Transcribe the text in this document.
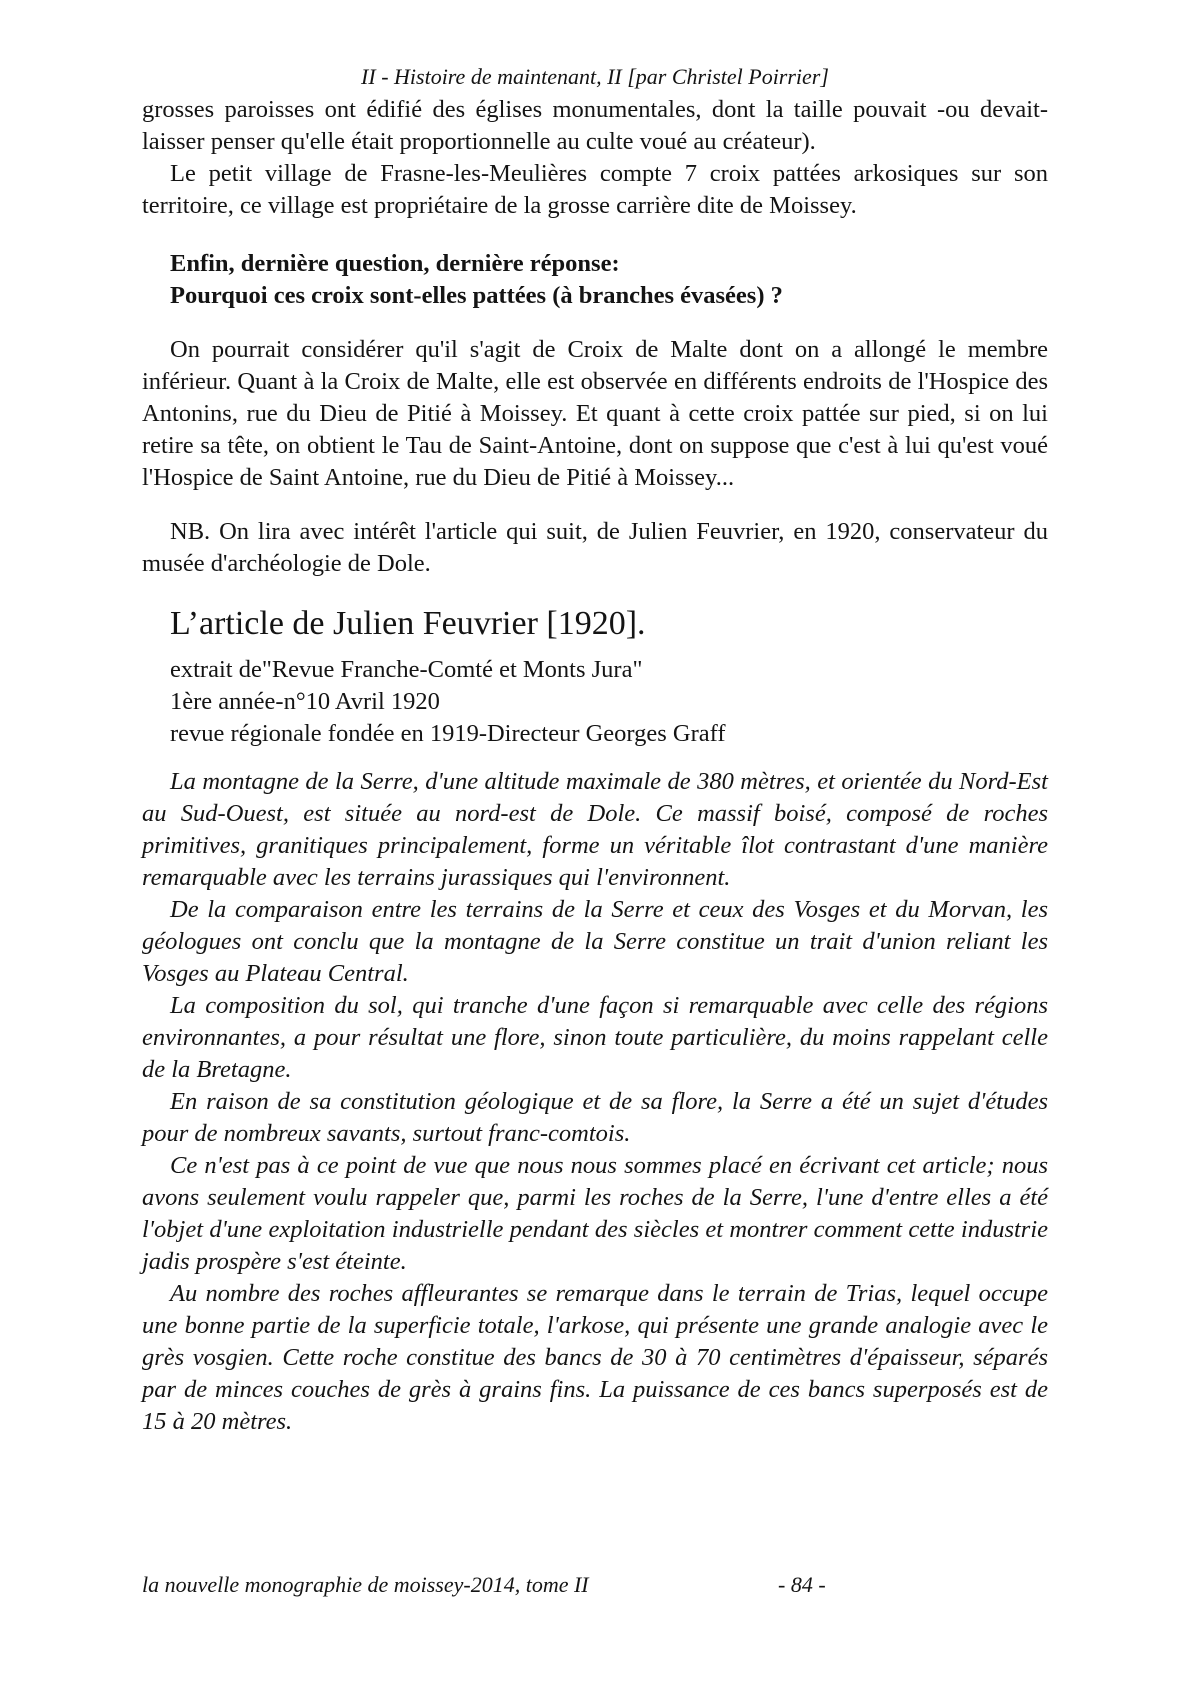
II - Histoire de maintenant, II [par Christel Poirrier]

grosses paroisses ont édifié des églises monumentales, dont la taille pouvait -ou devait-laisser penser qu'elle était proportionnelle au culte voué au créateur).

Le petit village de Frasne-les-Meulières compte 7 croix pattées arkosiques sur son territoire, ce village est propriétaire de la grosse carrière dite de Moissey.

Enfin, dernière question, dernière réponse:
Pourquoi ces croix sont-elles pattées (à branches évasées) ?

On pourrait considérer qu'il s'agit de Croix de Malte dont on a allongé le membre inférieur. Quant à la Croix de Malte, elle est observée en différents endroits de l'Hospice des Antonins, rue du Dieu de Pitié à Moissey. Et quant à cette croix pattée sur pied, si on lui retire sa tête, on obtient le Tau de Saint-Antoine, dont on suppose que c'est à lui qu'est voué l'Hospice de Saint Antoine, rue du Dieu de Pitié à Moissey...

NB. On lira avec intérêt l'article qui suit, de Julien Feuvrier, en 1920, conservateur du musée d'archéologie de Dole.

L’article de Julien Feuvrier [1920].
extrait de"Revue Franche-Comté et Monts Jura"
1ère année-n°10 Avril 1920
revue régionale fondée en 1919-Directeur Georges Graff

La montagne de la Serre, d'une altitude maximale de 380 mètres, et orientée du Nord-Est au Sud-Ouest, est située au nord-est de Dole. Ce massif boisé, composé de roches primitives, granitiques principalement, forme un véritable îlot contrastant d'une manière remarquable avec les terrains jurassiques qui l'environnent.

De la comparaison entre les terrains de la Serre et ceux des Vosges et du Morvan, les géologues ont conclu que la montagne de la Serre constitue un trait d'union reliant les Vosges au Plateau Central.

La composition du sol, qui tranche d'une façon si remarquable avec celle des régions environnantes, a pour résultat une flore, sinon toute particulière, du moins rappelant celle de la Bretagne.

En raison de sa constitution géologique et de sa flore, la Serre a été un sujet d'études pour de nombreux savants, surtout franc-comtois.

Ce n'est pas à ce point de vue que nous nous sommes placé en écrivant cet article; nous avons seulement voulu rappeler que, parmi les roches de la Serre, l'une d'entre elles a été l'objet d'une exploitation industrielle pendant des siècles et montrer comment cette industrie jadis prospère s'est éteinte.

Au nombre des roches affleurantes se remarque dans le terrain de Trias, lequel occupe une bonne partie de la superficie totale, l'arkose, qui présente une grande analogie avec le grès vosgien. Cette roche constitue des bancs de 30 à 70 centimètres d'épaisseur, séparés par de minces couches de grès à grains fins. La puissance de ces bancs superposés est de 15 à 20 mètres.

la nouvelle monographie de moissey-2014, tome II	- 84 -
